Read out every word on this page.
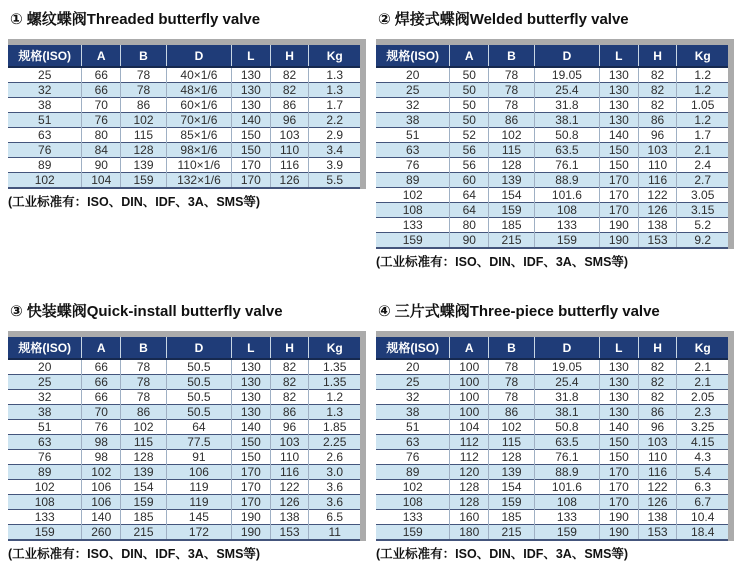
① 螺纹蝶阀Threaded butterfly valve
规格(ISO)	A	B	D	L	H	Kg
25	66	78	40×1/6	130	82	1.3
32	66	78	48×1/6	130	82	1.3
38	70	86	60×1/6	130	86	1.7
51	76	102	70×1/6	140	96	2.2
63	80	115	85×1/6	150	103	2.9
76	84	128	98×1/6	150	110	3.4
89	90	139	110×1/6	170	116	3.9
102	104	159	132×1/6	170	126	5.5
(工业标准有：ISO、DIN、IDF、3A、SMS等)
② 焊接式蝶阀Welded butterfly valve
规格(ISO)	A	B	D	L	H	Kg
20	50	78	19.05	130	82	1.2
25	50	78	25.4	130	82	1.2
32	50	78	31.8	130	82	1.05
38	50	86	38.1	130	86	1.2
51	52	102	50.8	140	96	1.7
63	56	115	63.5	150	103	2.1
76	56	128	76.1	150	110	2.4
89	60	139	88.9	170	116	2.7
102	64	154	101.6	170	122	3.05
108	64	159	108	170	126	3.15
133	80	185	133	190	138	5.2
159	90	215	159	190	153	9.2
(工业标准有：ISO、DIN、IDF、3A、SMS等)
③ 快装蝶阀Quick-install butterfly valve
规格(ISO)	A	B	D	L	H	Kg
20	66	78	50.5	130	82	1.35
25	66	78	50.5	130	82	1.35
32	66	78	50.5	130	82	1.2
38	70	86	50.5	130	86	1.3
51	76	102	64	140	96	1.85
63	98	115	77.5	150	103	2.25
76	98	128	91	150	110	2.6
89	102	139	106	170	116	3.0
102	106	154	119	170	122	3.6
108	106	159	119	170	126	3.6
133	140	185	145	190	138	6.5
159	260	215	172	190	153	11
(工业标准有：ISO、DIN、IDF、3A、SMS等)
④ 三片式蝶阀Three-piece butterfly valve
规格(ISO)	A	B	D	L	H	Kg
20	100	78	19.05	130	82	2.1
25	100	78	25.4	130	82	2.1
32	100	78	31.8	130	82	2.05
38	100	86	38.1	130	86	2.3
51	104	102	50.8	140	96	3.25
63	112	115	63.5	150	103	4.15
76	112	128	76.1	150	110	4.3
89	120	139	88.9	170	116	5.4
102	128	154	101.6	170	122	6.3
108	128	159	108	170	126	6.7
133	160	185	133	190	138	10.4
159	180	215	159	190	153	18.4
(工业标准有：ISO、DIN、IDF、3A、SMS等)
